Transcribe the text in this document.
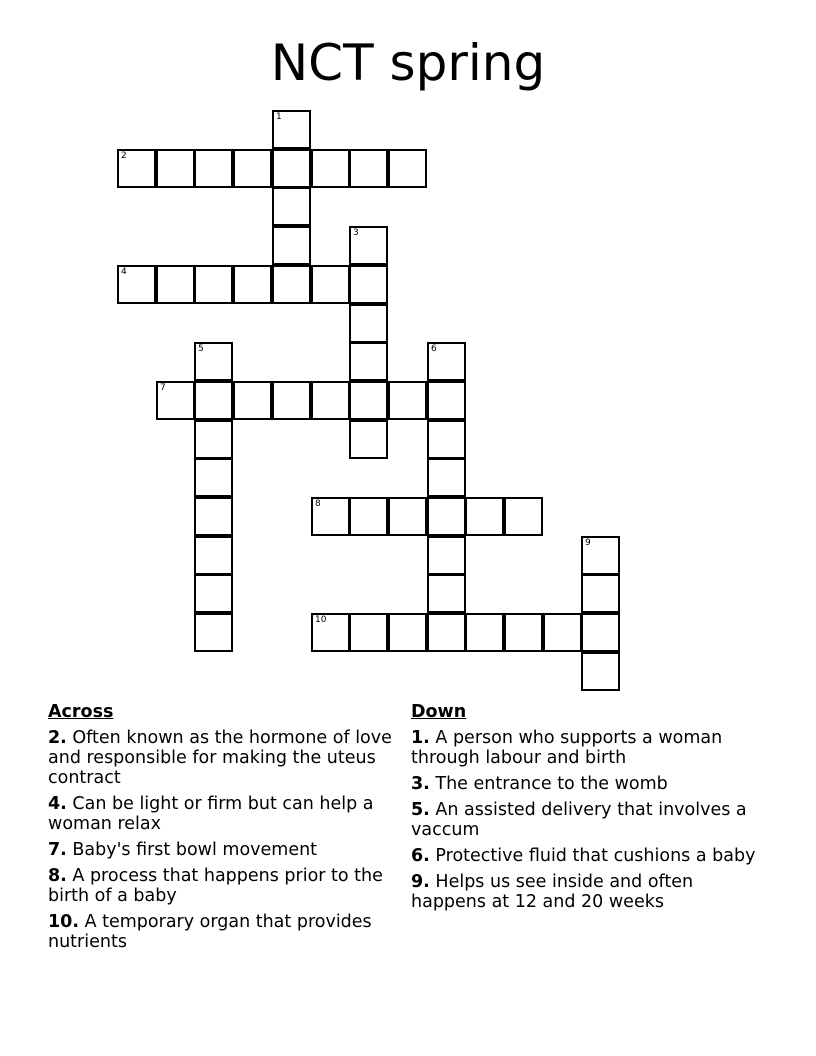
NCT spring
1
2
3
4
5	6
7
8
9
10
Across
2. Often known as the hormone of love and responsible for making the uteus contract
4. Can be light or firm but can help a woman relax
7. Baby's first bowl movement
8. A process that happens prior to the birth of a baby
10. A temporary organ that provides nutrients
Down
1. A person who supports a woman through labour and birth
3. The entrance to the womb
5. An assisted delivery that involves a vaccum
6. Protective fluid that cushions a baby
9. Helps us see inside and often happens at 12 and 20 weeks
